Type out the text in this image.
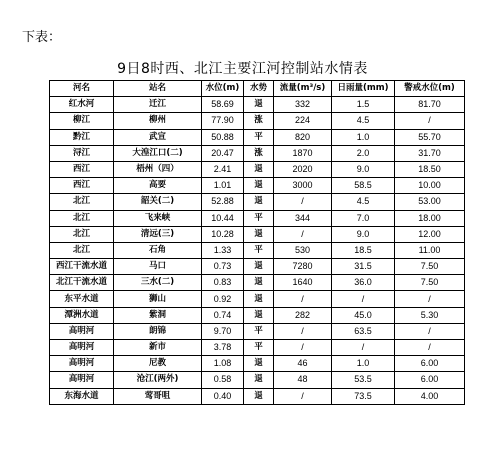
下表：
9日8时西、北江主要江河控制站水情表
河名	站名	水位(m)	水势	流量(m³/s)	日雨量(mm)	警戒水位(m)
红水河	迁江	58.69	退	332	1.5	81.70
柳江	柳州	77.90	涨	224	4.5	/
黔江	武宣	50.88	平	820	1.0	55.70
浔江	大湟江口(二)	20.47	涨	1870	2.0	31.70
西江	梧州（四）	2.41	退	2020	9.0	18.50
西江	高要	1.01	退	3000	58.5	10.00
北江	韶关(二)	52.88	退	/	4.5	53.00
北江	飞来峡	10.44	平	344	7.0	18.00
北江	清远(三)	10.28	退	/	9.0	12.00
北江	石角	1.33	平	530	18.5	11.00
西江干流水道	马口	0.73	退	7280	31.5	7.50
北江干流水道	三水(二)	0.83	退	1640	36.0	7.50
东平水道	狮山	0.92	退	/	/	/
潭洲水道	紫洞	0.74	退	282	45.0	5.30
高明河	朗锦	9.70	平	/	63.5	/
高明河	新市	3.78	平	/	/	/
高明河	尼教	1.08	退	46	1.0	6.00
高明河	沧江(两外)	0.58	退	48	53.5	6.00
东海水道	莺哥咀	0.40	退	/	73.5	4.00
